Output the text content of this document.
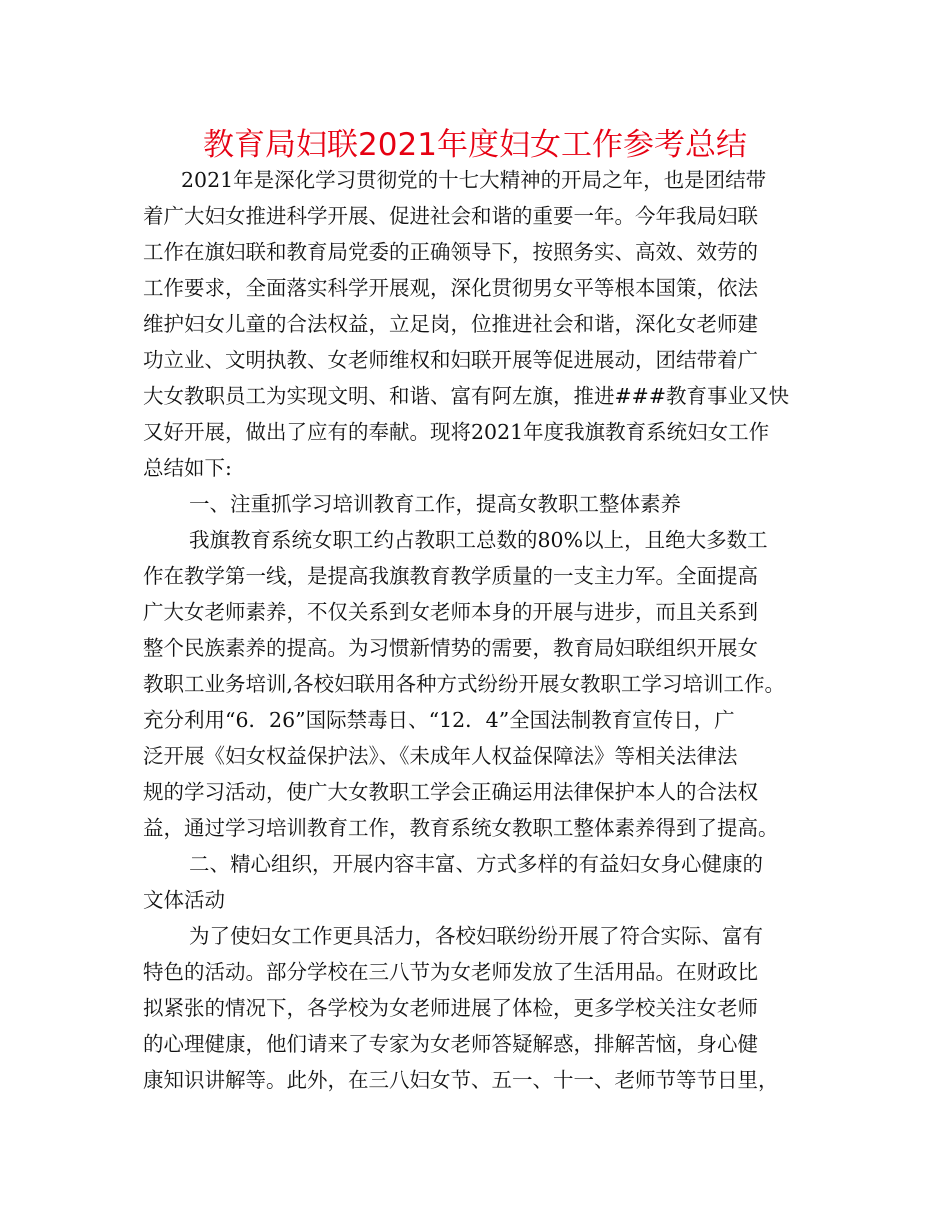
教育局妇联2021年度妇女工作参考总结
2021年是深化学习贯彻党的十七大精神的开局之年，也是团结带
着广大妇女推进科学开展、促进社会和谐的重要一年。今年我局妇联
工作在旗妇联和教育局党委的正确领导下，按照务实、高效、效劳的
工作要求，全面落实科学开展观，深化贯彻男女平等根本国策，依法
维护妇女儿童的合法权益，立足岗，位推进社会和谐，深化女老师建
功立业、文明执教、女老师维权和妇联开展等促进展动，团结带着广
大女教职员工为实现文明、和谐、富有阿左旗，推进###教育事业又快
又好开展，做出了应有的奉献。现将2021年度我旗教育系统妇女工作
总结如下:
一、注重抓学习培训教育工作，提高女教职工整体素养
我旗教育系统女职工约占教职工总数的80%以上，且绝大多数工
作在教学第一线，是提高我旗教育教学质量的一支主力军。全面提高
广大女老师素养，不仅关系到女老师本身的开展与进步，而且关系到
整个民族素养的提高。为习惯新情势的需要，教育局妇联组织开展女
教职工业务培训,各校妇联用各种方式纷纷开展女教职工学习培训工作。
充分利用“6．26”国际禁毒日、“12．4”全国法制教育宣传日，广
泛开展《妇女权益保护法》、《未成年人权益保障法》等相关法律法
规的学习活动，使广大女教职工学会正确运用法律保护本人的合法权
益，通过学习培训教育工作，教育系统女教职工整体素养得到了提高。
二、精心组织，开展内容丰富、方式多样的有益妇女身心健康的
文体活动
为了使妇女工作更具活力，各校妇联纷纷开展了符合实际、富有
特色的活动。部分学校在三八节为女老师发放了生活用品。在财政比
拟紧张的情况下，各学校为女老师进展了体检，更多学校关注女老师
的心理健康，他们请来了专家为女老师答疑解惑，排解苦恼，身心健
康知识讲解等。此外，在三八妇女节、五一、十一、老师节等节日里，
